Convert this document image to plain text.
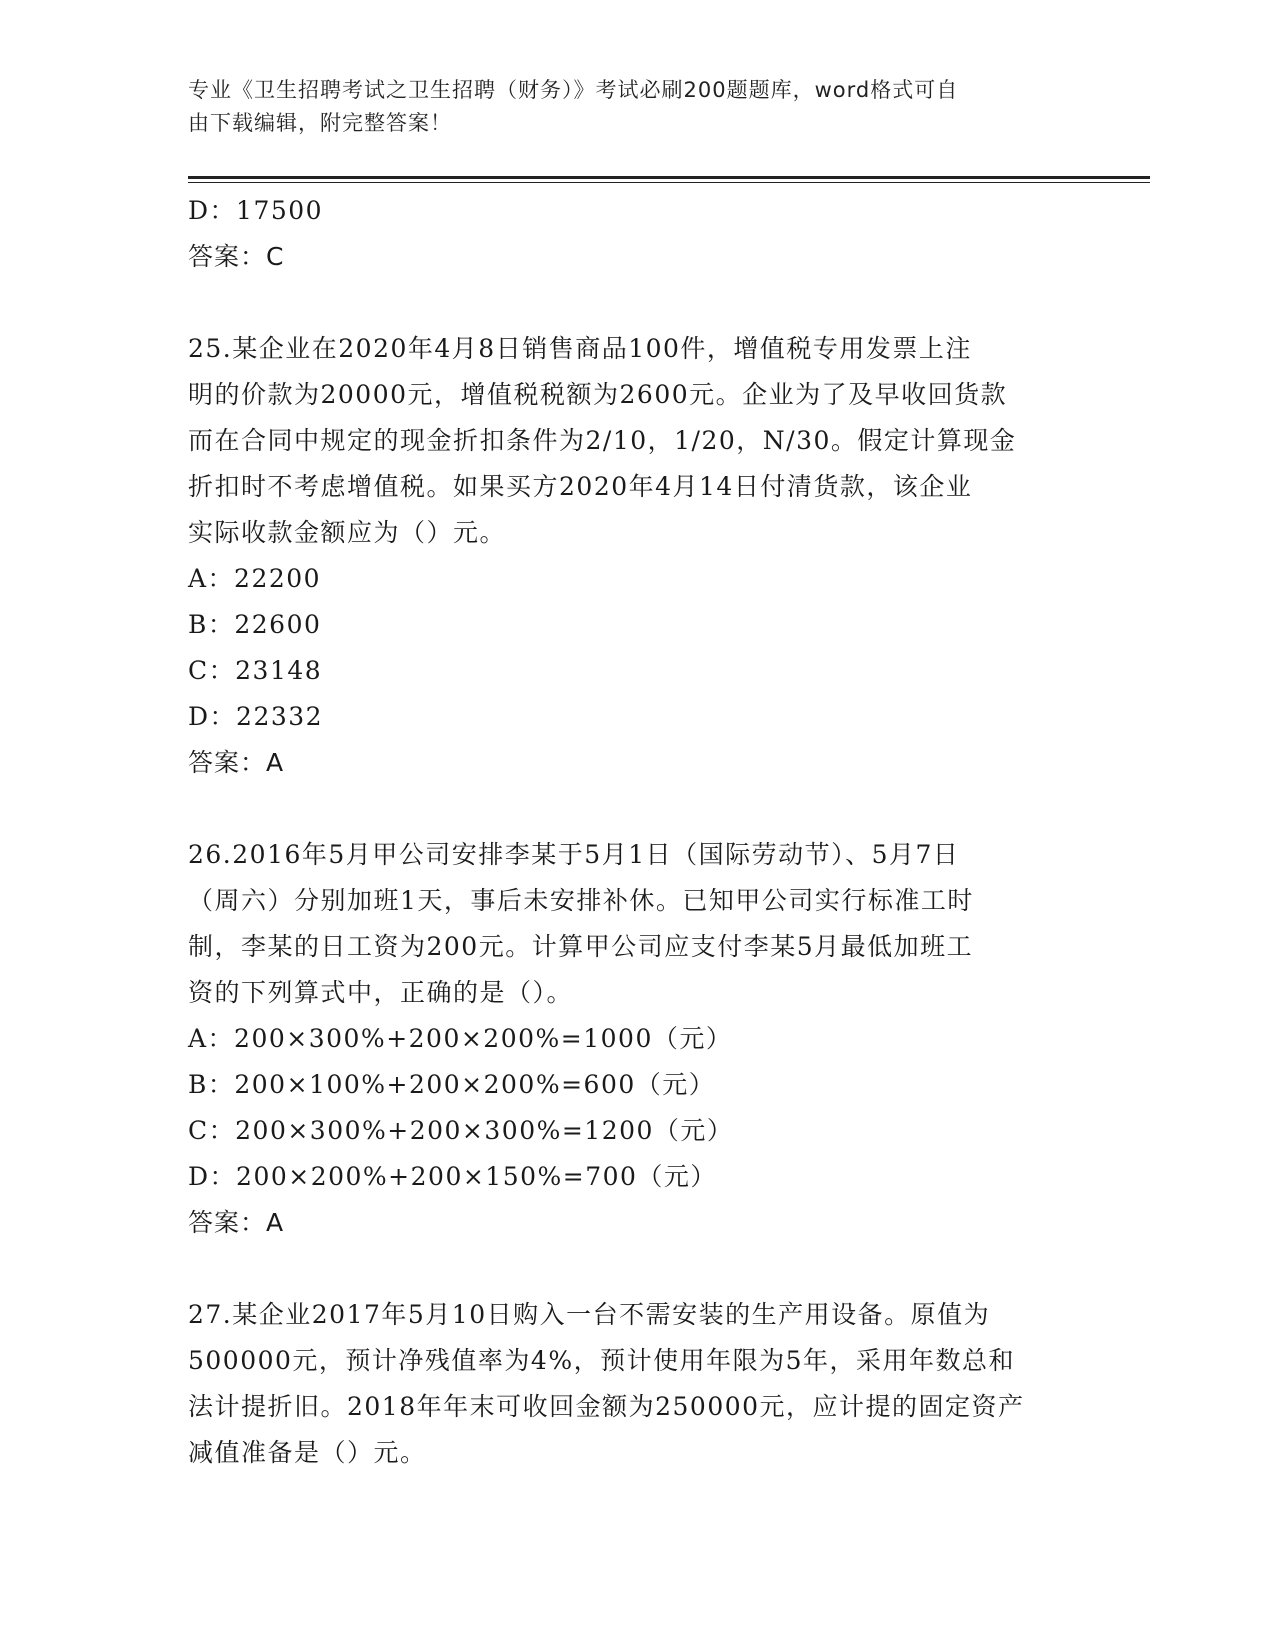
专业《卫生招聘考试之卫生招聘（财务）》考试必刷200题题库，word格式可自
由下载编辑，附完整答案！
D：17500
答案：C
25.某企业在2020年4月8日销售商品100件，增值税专用发票上注
明的价款为20000元，增值税税额为2600元。企业为了及早收回货款
而在合同中规定的现金折扣条件为2/10，1/20，N/30。假定计算现金
折扣时不考虑增值税。如果买方2020年4月14日付清货款，该企业
实际收款金额应为（）元。
A：22200
B：22600
C：23148
D：22332
答案：A
26.2016年5月甲公司安排李某于5月1日（国际劳动节）、5月7日
（周六）分别加班1天，事后未安排补休。已知甲公司实行标准工时
制，李某的日工资为200元。计算甲公司应支付李某5月最低加班工
资的下列算式中，正确的是（）。
A：200×300%+200×200%=1000（元）
B：200×100%+200×200%=600（元）
C：200×300%+200×300%=1200（元）
D：200×200%+200×150%=700（元）
答案：A
27.某企业2017年5月10日购入一台不需安装的生产用设备。原值为
500000元，预计净残值率为4%，预计使用年限为5年，采用年数总和
法计提折旧。2018年年末可收回金额为250000元，应计提的固定资产
减值准备是（）元。
